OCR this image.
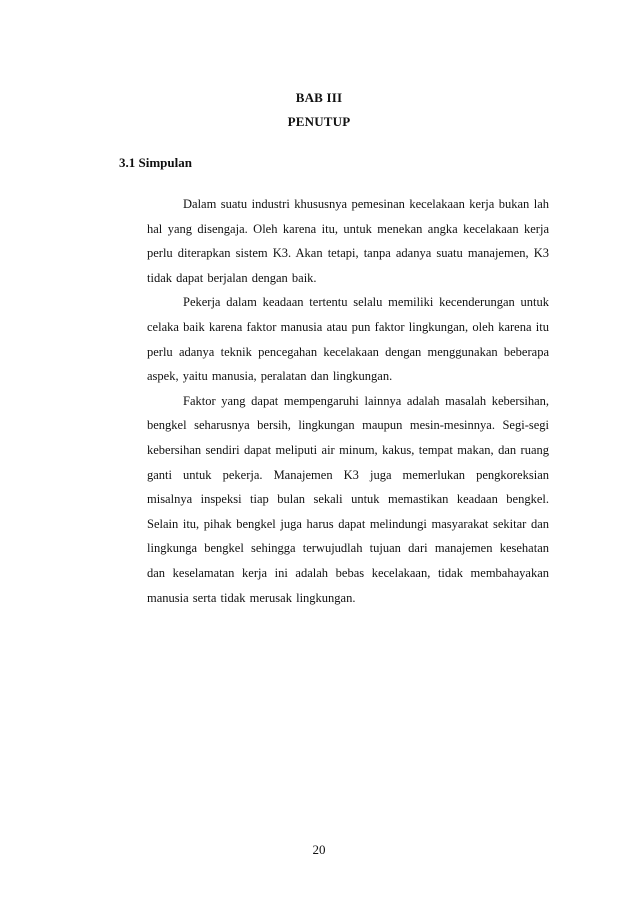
BAB III
PENUTUP
3.1 Simpulan

Dalam suatu industri khususnya pemesinan kecelakaan kerja bukan lah hal yang disengaja. Oleh karena itu, untuk menekan angka kecelakaan kerja perlu diterapkan sistem K3. Akan tetapi, tanpa adanya suatu manajemen, K3 tidak dapat berjalan dengan baik.

Pekerja dalam keadaan tertentu selalu memiliki kecenderungan untuk celaka baik karena faktor manusia atau pun faktor lingkungan, oleh karena itu perlu adanya teknik pencegahan kecelakaan dengan menggunakan beberapa aspek, yaitu manusia, peralatan dan lingkungan.

Faktor yang dapat mempengaruhi lainnya adalah masalah kebersihan, bengkel seharusnya bersih, lingkungan maupun mesin-mesinnya. Segi-segi kebersihan sendiri dapat meliputi air minum, kakus, tempat makan, dan ruang ganti untuk pekerja. Manajemen K3 juga memerlukan pengkoreksian misalnya inspeksi tiap bulan sekali untuk memastikan keadaan bengkel. Selain itu, pihak bengkel juga harus dapat melindungi masyarakat sekitar dan lingkunga bengkel sehingga terwujudlah tujuan dari manajemen kesehatan dan keselamatan kerja ini adalah bebas kecelakaan, tidak membahayakan manusia serta tidak merusak lingkungan.

20
